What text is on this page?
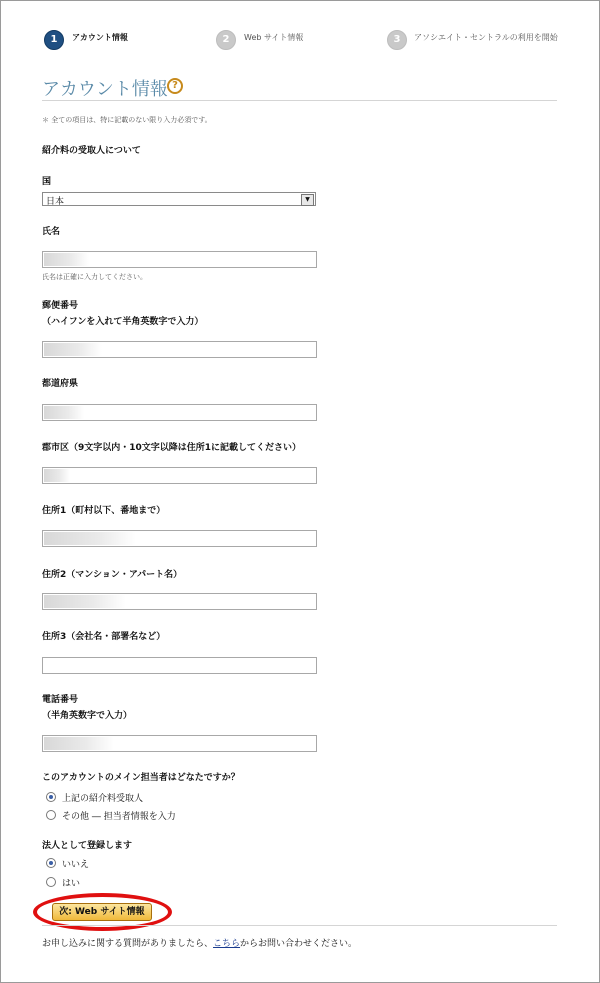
1	アカウント情報	2	Web サイト情報	3	アソシエイト・セントラルの利用を開始
アカウント情報 ?
＊ 全ての項目は、特に記載のない限り入力必須です。
紹介料の受取人について
国
日本	▼
氏名
氏名は正確に入力してください。
郵便番号
（ハイフンを入れて半角英数字で入力）
都道府県
郡市区（9文字以内・10文字以降は住所1に記載してください）
住所1（町村以下、番地まで）
住所2（マンション・アパート名）
住所3（会社名・部署名など）
電話番号
（半角英数字で入力）
このアカウントのメイン担当者はどなたですか？
上記の紹介料受取人
その他 ― 担当者情報を入力
法人として登録します
いいえ
はい
次: Web サイト情報
お申し込みに関する質問がありましたら、こちらからお問い合わせください。
